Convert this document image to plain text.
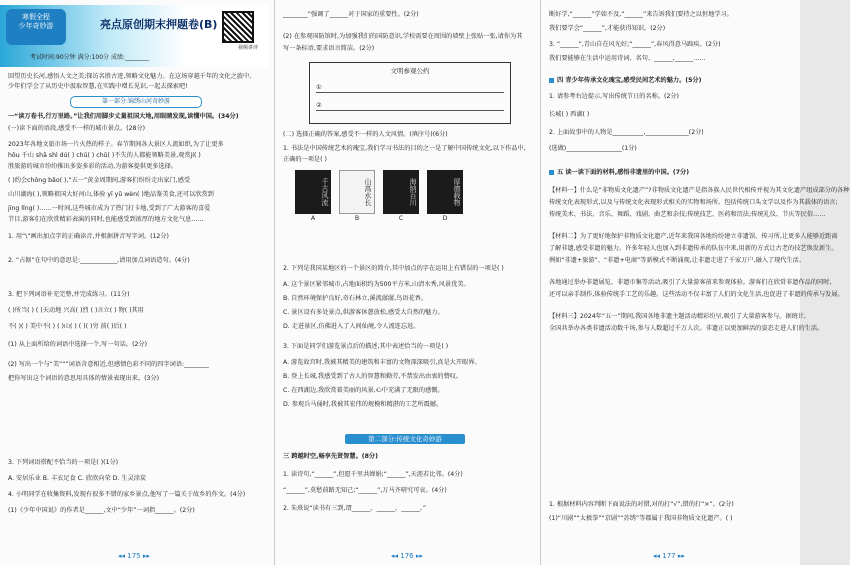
寒假全程
少年奇妙游	亮点原创期末押题卷(B)
视频讲评
考试时间:90分钟 满分:100分 成绩:________
回望历史长河,感悟人文之美;探访名胜古迹,领略文化魅力。在这场穿越千年的文化之旅中,
少年们学会了从历史中汲取智慧,在实践中增长见识,一起去探索吧!
第一部分:锦绣山河奇妙游
一“读万卷书,行万里路。”让我们用脚步丈量祖国大地,用眼睛发现,读懂中国。(34分)
(一)读下面的语段,感受不一样的城市景点。(28分)
2023年各地文旅市场一片火热的样子。春节期间各大景区人流如织,为了让更多
hōu 千山 shā shì dú( ) chū( ) chǔ( )不失的人都能领略美景,观赏jí( )
胜旅游的城市纷纷推出多姿多彩的活动,为游客提供更多选择。
( )约会chōng bǎo( ),“五一”黄金周期间,游客们纷纷走出家门,感受
山川湖海( ),领略祖国大好河山,体验 yī yǔ wèn( )地品鉴美食,还可以欣赏到
jīng lǐng( )……一时间,这些城市成为了热门打卡地,受到了广大游客的喜爱
节目,游客们在欣赏精彩表演的同时,也能感受到浓厚的地方文化气息……
1. 用“\”画出加点字的正确读音,并根据拼音写字词。(12分)
2. “占据”在句中的意思是:____________,请用加点词语造句。(4分)
3. 把下列词语补充完整,并完成练习。(11分)
( )所当( ) ( )天动地 兴高( )烈 ( )言立( ) 物( )其用
不( )( ) 美中不( ) ( )山( ) ( )( )穷 前( )后( )
(1) 从上面所给的词语中选择一个,写一句话。(2分)
(2) 写出一个与“美”“”词语含意相近,但感情色彩不同的四字词语:________
把你写出这个词语的意思用具体的情景表现出来。(3分)
3. 下列词语搭配不恰当的一项是( )(1分)
A. 安居乐业 B. 丰衣足食 C. 欣欣向荣 D. 生灵涂炭
4. 小明同学在收集资料,发现有很多不错的家乡景点,他写了一篇关于故乡的作文。(4分)
(1)《少年中国说》的作者是______,文中“少年”一词指______。(2分)
◂◂ 175 ▸▸
________“强调了______对于国家的重要性。(2分)
(2) 在参观国防馆时,为加强我们的国防意识,学校需要在周围的墙壁上张贴一张,请你为其
写一条标语,要求语言简洁。(2分)
文明参观公约
①
②
(二) 选择正确的答案,感受不一样的人文风情。(填序号)(6分)
1. 书法是中国传统艺术的瑰宝,我们学习书法的目的之一是了解中国传统文化,以下作品中,
正确的一项是( )
千古风流
A
山高水长
B
海纳百川
C
厚德载物
D
2. 下列是我国某地区的一个景区的简介,其中加点的字在运用上有错误的一项是( )
A. 这个景区紧邻城市,占地面积约为500平方米,山清水秀,风景优美。
B. 自然环境保护良好,奇石林立,溪流潺潺,鸟语花香。
C. 景区设有多处景点,供游客休憩放松,感受大自然的魅力。
D. 走进景区,仿佛进入了人间仙境,令人流连忘返。
3. 下面是同学们游览景点后的描述,其中表述恰当的一项是( )
A. 游览故宫时,我被其精美的建筑和丰富的文物深深吸引,真是大开眼界。
B. 登上长城,我感受到了古人的智慧和勤劳,不禁发出由衷的赞叹。
C. 在西湖边,我欣赏着美丽的风景,心中充满了无限的感慨。
D. 参观兵马俑时,我被其宏伟的规模和精湛的工艺所震撼。
第二部分:传统文化奇妙游
三 跨越时空,畅享先贤智慧。(8分)
1. 读诗句,“______”,但愿千里共婵娟;“______”,天涯若比邻。(4分)
“______”,莫愁前路无知己;“______”,万马齐喑究可哀。(4分)
2. 朱熹说“读书有三到,谓______、______、______。”
◂◂ 176 ▸▸
断好学,“______”学如不及,“______”来告诉我们要持之以恒地学习。
我们要学会“______”,才能获得知识。(2分)
3. “______”,青山自在风光好;“______”,春风得意马蹄疾。(2分)
我们要能够在生活中运用诗词、名句、______,______……
四 青少年传承文化瑰宝,感受民间艺术的魅力。(5分)
1. 请参考右边提示,写出传统节日的名称。(2分)
长城( ) 西湖( )
2. 上面故事中的人物是__________,______________(2分)
(选做)__________________(1分)
五 读一读下面的材料,感悟非遗里的中国。(7分)
【材料一】什么是“非物质文化遗产”?非物质文化遗产是指各族人民世代相传并视为其文化遗产组成部分的各种
传统文化表现形式,以及与传统文化表现形式相关的实物和场所。包括传统口头文学以及作为其载体的语言;
传统美术、书法、音乐、舞蹈、戏剧、曲艺和杂技;传统技艺、医药和历法;传统礼仪、节庆等民俗……
【材料二】为了更好地保护非物质文化遗产,近年来我国各地纷纷建立非遗馆、传习所,让更多人能够近距离
了解非遗,感受非遗的魅力。许多年轻人也加入到非遗传承的队伍中来,用新的方式让古老的技艺焕发新生。
例如“非遗+旅游”、“非遗+电商”等新模式不断涌现,让非遗走进了千家万户,融入了现代生活。
各地通过举办非遗展览、非遗市集等活动,吸引了大量游客前来参观体验。游客们在欣赏非遗作品的同时,
还可以亲手制作,体验传统手工艺的乐趣。这些活动不仅丰富了人们的文化生活,也促进了非遗的传承与发展。
【材料三】2024年“五一”期间,我国各地非遗主题活动精彩纷呈,吸引了大量游客参与。据统计,
全国共举办各类非遗活动数千场,参与人数超过千万人次。非遗正以更加鲜活的姿态走进人们的生活。
1. 根据材料内容判断下面说法的对错,对的打“√”,错的打“×”。(2分)
(1)“川剧”“太极拳”“京剧”“苏绣”等都属于我国非物质文化遗产。( )
◂◂ 177 ▸▸
